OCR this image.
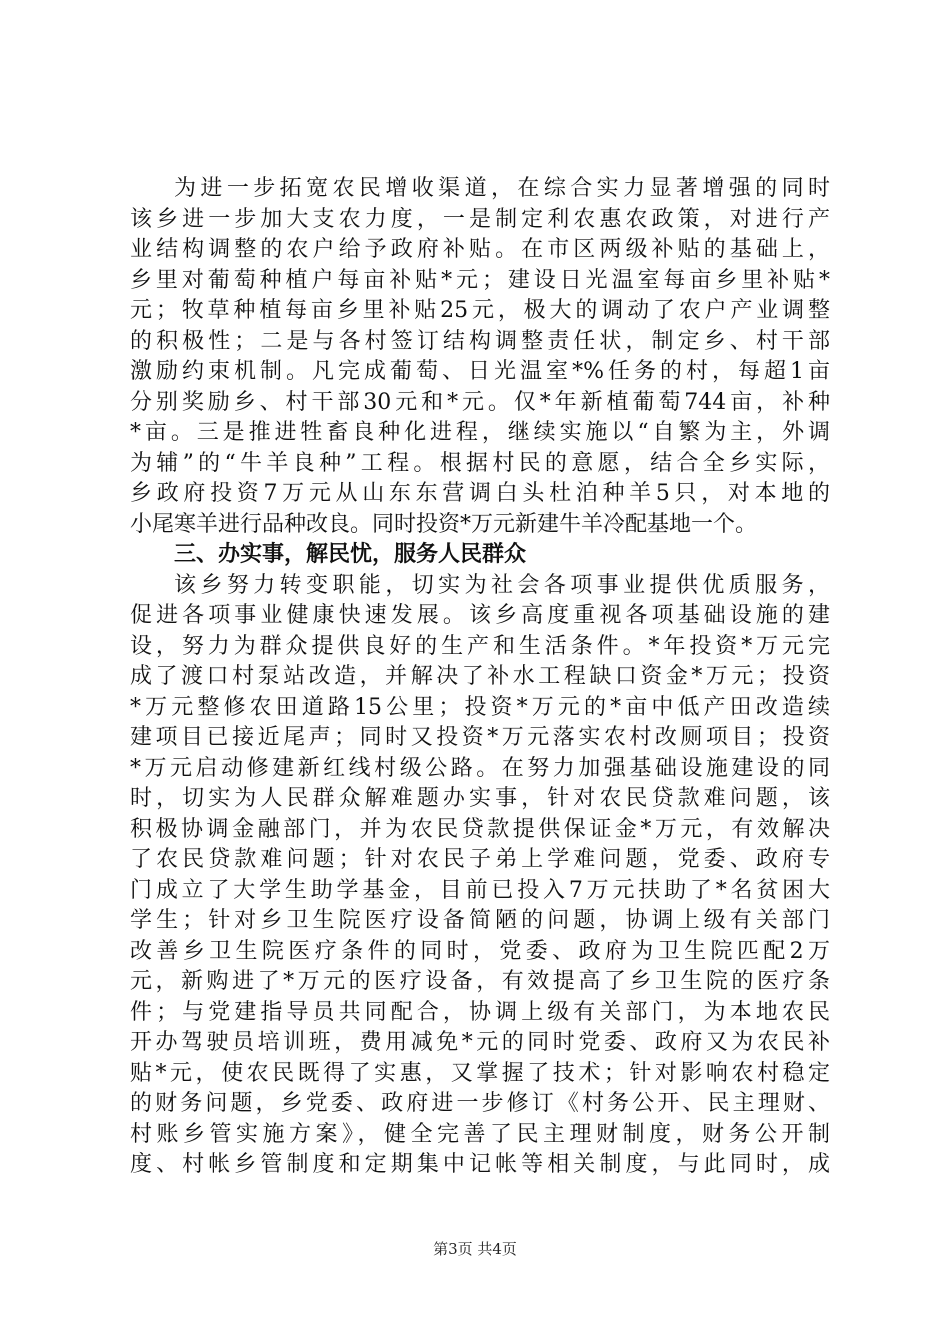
为进一步拓宽农民增收渠道，在综合实力显著增强的同时
该乡进一步加大支农力度，一是制定利农惠农政策，对进行产
业结构调整的农户给予政府补贴。在市区两级补贴的基础上，
乡里对葡萄种植户每亩补贴*元；建设日光温室每亩乡里补贴*
元；牧草种植每亩乡里补贴25元，极大的调动了农户产业调整
的积极性；二是与各村签订结构调整责任状，制定乡、村干部
激励约束机制。凡完成葡萄、日光温室*%任务的村，每超1亩
分别奖励乡、村干部30元和*元。仅*年新植葡萄744亩，补种
*亩。三是推进牲畜良种化进程，继续实施以“自繁为主，外调
为辅”的“牛羊良种”工程。根据村民的意愿，结合全乡实际，
乡政府投资7万元从山东东营调白头杜泊种羊5只，对本地的
小尾寒羊进行品种改良。同时投资*万元新建牛羊冷配基地一个。
三、办实事，解民忧，服务人民群众
该乡努力转变职能，切实为社会各项事业提供优质服务，
促进各项事业健康快速发展。该乡高度重视各项基础设施的建
设，努力为群众提供良好的生产和生活条件。*年投资*万元完
成了渡口村泵站改造，并解决了补水工程缺口资金*万元；投资
*万元整修农田道路15公里；投资*万元的*亩中低产田改造续
建项目已接近尾声；同时又投资*万元落实农村改厕项目；投资
*万元启动修建新红线村级公路。在努力加强基础设施建设的同
时，切实为人民群众解难题办实事，针对农民贷款难问题，该
积极协调金融部门，并为农民贷款提供保证金*万元，有效解决
了农民贷款难问题；针对农民子弟上学难问题，党委、政府专
门成立了大学生助学基金，目前已投入7万元扶助了*名贫困大
学生；针对乡卫生院医疗设备简陋的问题，协调上级有关部门
改善乡卫生院医疗条件的同时，党委、政府为卫生院匹配2万
元，新购进了*万元的医疗设备，有效提高了乡卫生院的医疗条
件；与党建指导员共同配合，协调上级有关部门，为本地农民
开办驾驶员培训班，费用减免*元的同时党委、政府又为农民补
贴*元，使农民既得了实惠，又掌握了技术；针对影响农村稳定
的财务问题，乡党委、政府进一步修订《村务公开、民主理财、
村账乡管实施方案》，健全完善了民主理财制度，财务公开制
度、村帐乡管制度和定期集中记帐等相关制度，与此同时，成
第3页 共4页
